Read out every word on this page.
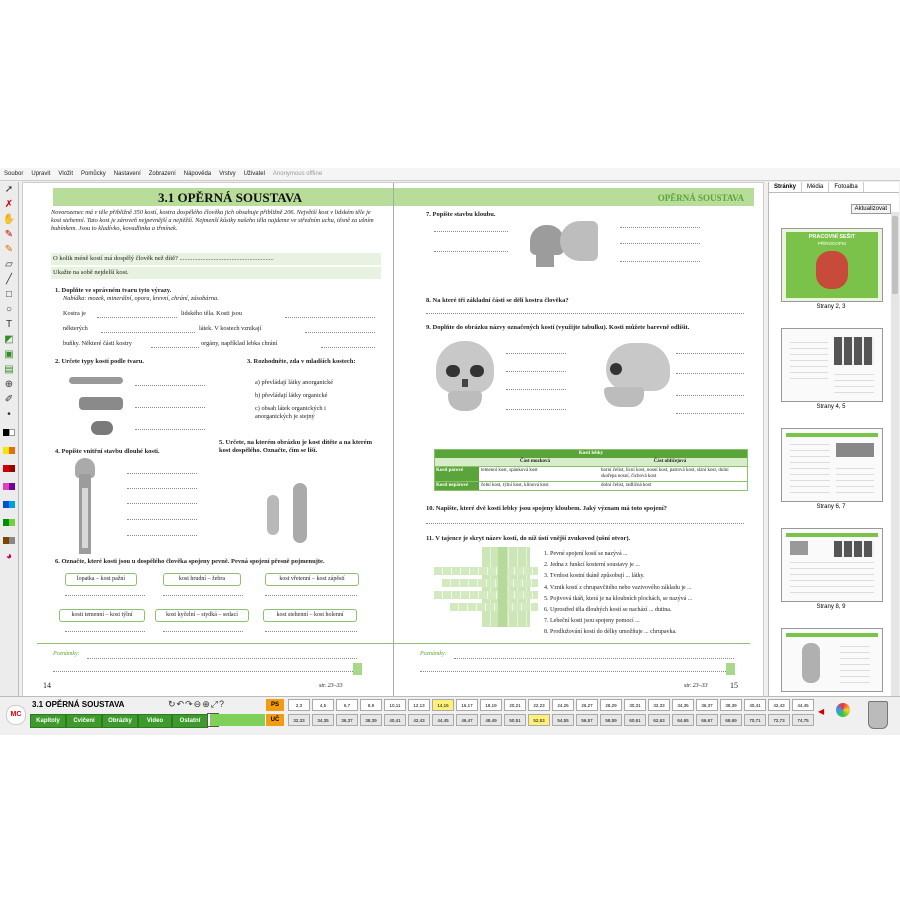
Soubor	Upravit	Vložit	Pomůcky	Nastavení	Zobrazení	Nápověda	Vrstvy	Uživatel	Anonymous offline
➚
✗
✋
✎
✎
▱
╱
□
○
T
◩
▣
▤
⊕
✐
•

◕
3.1 OPĚRNÁ SOUSTAVA
Novorozenec má v těle přibližně 350 kostí, kostra dospělého člověka jich obsahuje přibližně 206. Největší kost v lidském těle je kost stehenní. Tato kost je zároveň nejpevnější a nejtěžší. Nejmenší kůstky našeho těla najdeme ve středním uchu, těsně za ušním bubínkem. Jsou to kladívko, kovadlinka a třmínek.
O kolik méně kostí má dospělý člověk než dítě? ..........................................................
Ukažte na sobě nejdelší kost.
1. Doplňte ve správném tvaru tyto výrazy.
Nabídka: mozek, minerální, opora, krevní, chrání, zásobárna.
Kostra je	lidského těla. Kosti jsou
některých	látek. V kostech vznikají
buňky. Některé části kostry	orgány, například lebka chrání
2. Určete typy kostí podle tvaru.	3. Rozhodněte, zda v mladších kostech:
a) převládají látky anorganické
b) převládají látky organické
c) obsah látek organických i anorganických je stejný
4. Popište vnitřní stavbu dlouhé kosti.
5. Určete, na kterém obrázku je kost dítěte a na kterém kost dospělého. Označte, čím se liší.
6. Označte, které kosti jsou u dospělého člověka spojeny pevně. Pevná spojení přesně pojmenujte.
lopatka – kost pažní	kost hrudní – žebra	kost vřetenní – kost zápěstí
kosti temenní – kost týlní	kost kyčelní – stydká – sedací	kost stehenní – kost holenní
Poznámky:
14	str. 23–33
OPĚRNÁ SOUSTAVA
7. Popište stavbu kloubu.
8. Na které tři základní části se dělí kostra člověka?
9. Doplňte do obrázku názvy označených kostí (využijte tabulku). Kosti můžete barevně odlišit.
Kosti lebky
Část mozková	Část obličejová
Kosti párové	temenní kost, spánková kost	horní čelist, lícní kost, nosní kost, patrová kost, slzní kost, dolní skořepa nosní, čichová kost
Kosti nepárové	čelní kost, týlní kost, klínová kost	dolní čelist, radličná kost
10. Napište, které dvě kosti lebky jsou spojeny kloubem. Jaký význam má toto spojení?
11. V tajence je skryt název kosti, do níž ústí vnější zvukovod (ušní otvor).
1. Pevné spojení kostí se nazývá ...
2. Jedna z funkcí kosterní soustavy je ...
3. Tvrdost kostní tkáně způsobují ... látky.
4. Vznik kostí z chrupavčitého nebo vazivového základu je ...
5. Pojivová tkáň, která je na kloubních plochách, se nazývá ...
6. Uprostřed těla dlouhých kostí se nachází ... dutina.
7. Lebeční kosti jsou spojeny pomocí ...
8. Prodlužování kostí do délky umožňuje ... chrupavka.
Poznámky:
str. 23–33	15
Stránky	Média	Fotoalba
Aktualizovat
PRACOVNÍ SEŠIT
PŘÍRODOPIS
Strany 2, 3
Strany 4, 5
Strany 6, 7
Strany 8, 9
MC
3.1 OPĚRNÁ SOUSTAVA
Kapitoly	Cvičení	Obrázky	Video	Ostatní
↻↶↷⊖⊕⤢?	PS
UČ
2,3	4,5	6,7	8,9	10,11	12,13	14,15	16,17	18,19	20,21	22,23	24,25	26,27	28,29	30,31	32,33	34,35	36,37	38,39	40,41	42,43	44,45
32,33	34,35	36,37	38,39	40,41	42,43	44,45	46,47	48,49	50,51	52,53	54,55	56,57	58,59	60,61	62,63	64,65	66,67	68,69	70,71	72,73	74,75
◀
